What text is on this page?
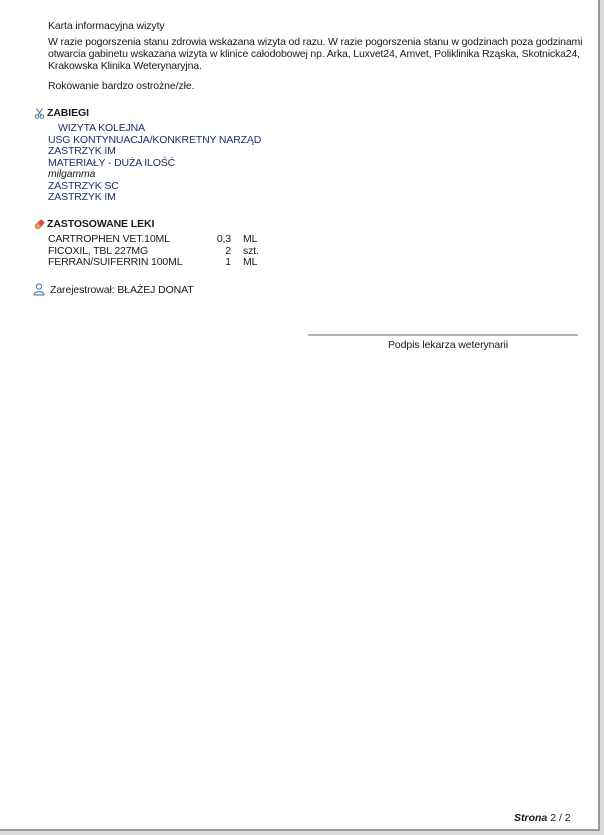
Karta informacyjna wizyty
W razie pogorszenia stanu zdrowia wskazana wizyta od razu. W razie pogorszenia stanu w godzinach poza godzinami otwarcia gabinetu wskazana wizyta w klinice całodobowej np. Arka, Luxvet24, Amvet, Poliklinika Rząska, Skotnicka24, Krakowska Klinika Weterynaryjna.
Rokowanie bardzo ostrożne/złe.
ZABIEGI
WIZYTA KOLEJNA
USG KONTYNUACJA/KONKRETNY NARZĄD
ZASTRZYK IM
MATERIAŁY - DUŻA ILOŚĆ
milgamma
ZASTRZYK SC
ZASTRZYK IM
ZASTOSOWANE LEKI
CARTROPHEN VET.10ML	0,3	ML
FICOXIL, TBL 227MG	2	szt.
FERRAN/SUIFERRIN 100ML	1	ML
Zarejestrował: BŁAŻEJ DONAT
Podpis lekarza weterynarii
Strona 2 / 2
